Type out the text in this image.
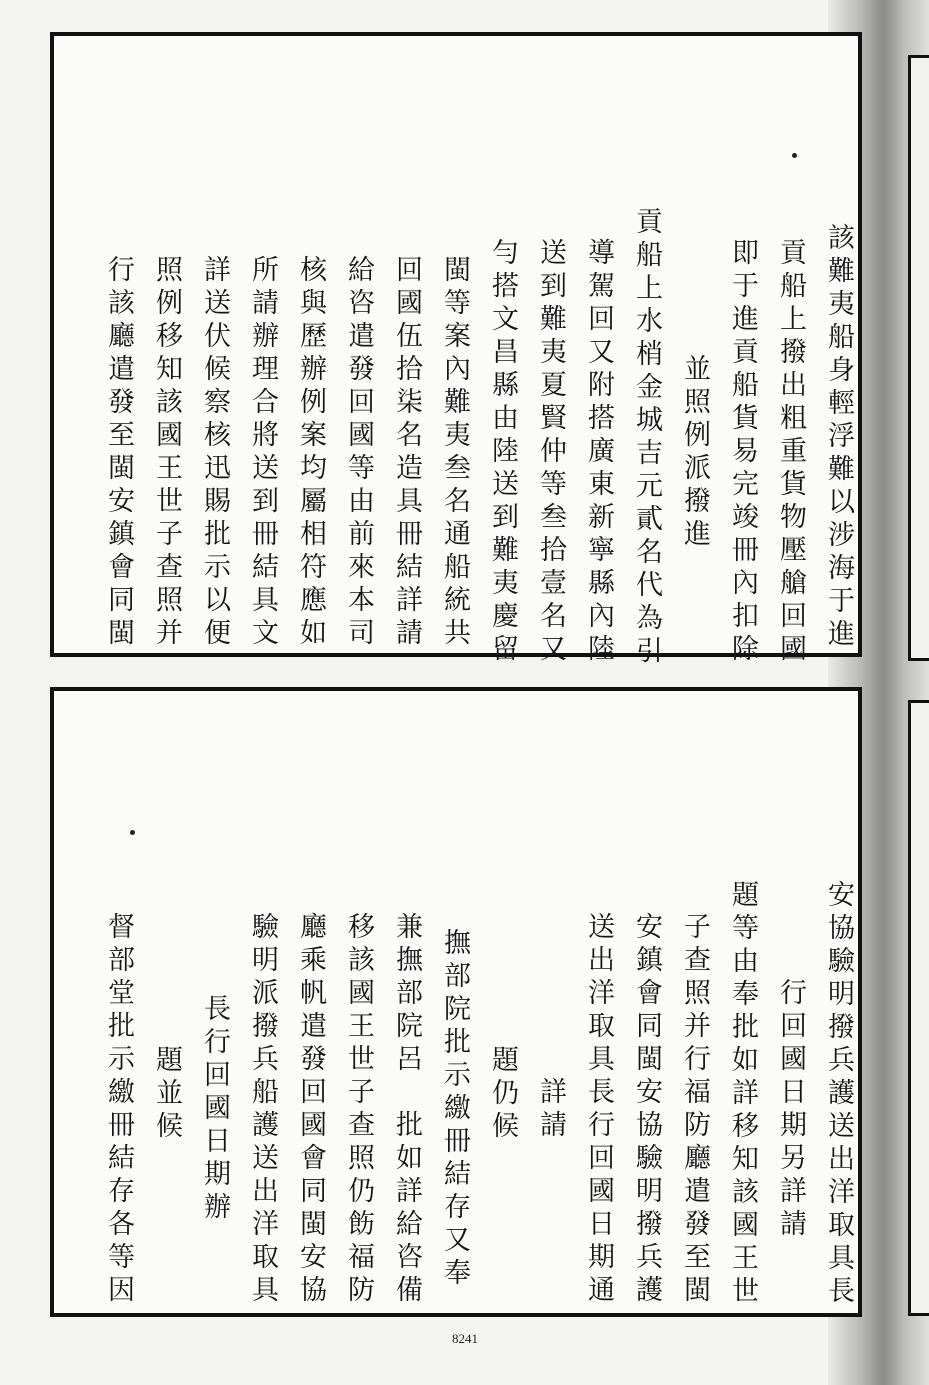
該難夷船身輕浮難以涉海于進
貢船上撥出粗重貨物壓艙回國
即于進貢船貨易完竣冊內扣除
並照例派撥進
貢船上水梢金城吉元貳名代為引
導駕回又附搭廣東新寧縣內陸
送到難夷夏賢仲等叁拾壹名又
勻搭文昌縣由陸送到難夷慶留
閩等案內難夷叁名通船統共
回國伍拾柒名造具冊結詳請
給咨遣發回國等由前來本司
核與歷辦例案均屬相符應如
所請辦理合將送到冊結具文
詳送伏候察核迅賜批示以便
照例移知該國王世子查照并
行該廳遣發至閩安鎮會同閩
安協驗明撥兵護送出洋取具長
行回國日期另詳請
題等由奉批如詳移知該國王世
子查照并行福防廳遣發至閩
安鎮會同閩安協驗明撥兵護
送出洋取具長行回國日期通
詳請
題仍候
撫部院批示繳冊結存又奉
兼撫部院呂　批如詳給咨備
移該國王世子查照仍飭福防
廳乘帆遣發回國會同閩安協
驗明派撥兵船護送出洋取具
長行回國日期辦
題並候
督部堂批示繳冊結存各等因
8241
